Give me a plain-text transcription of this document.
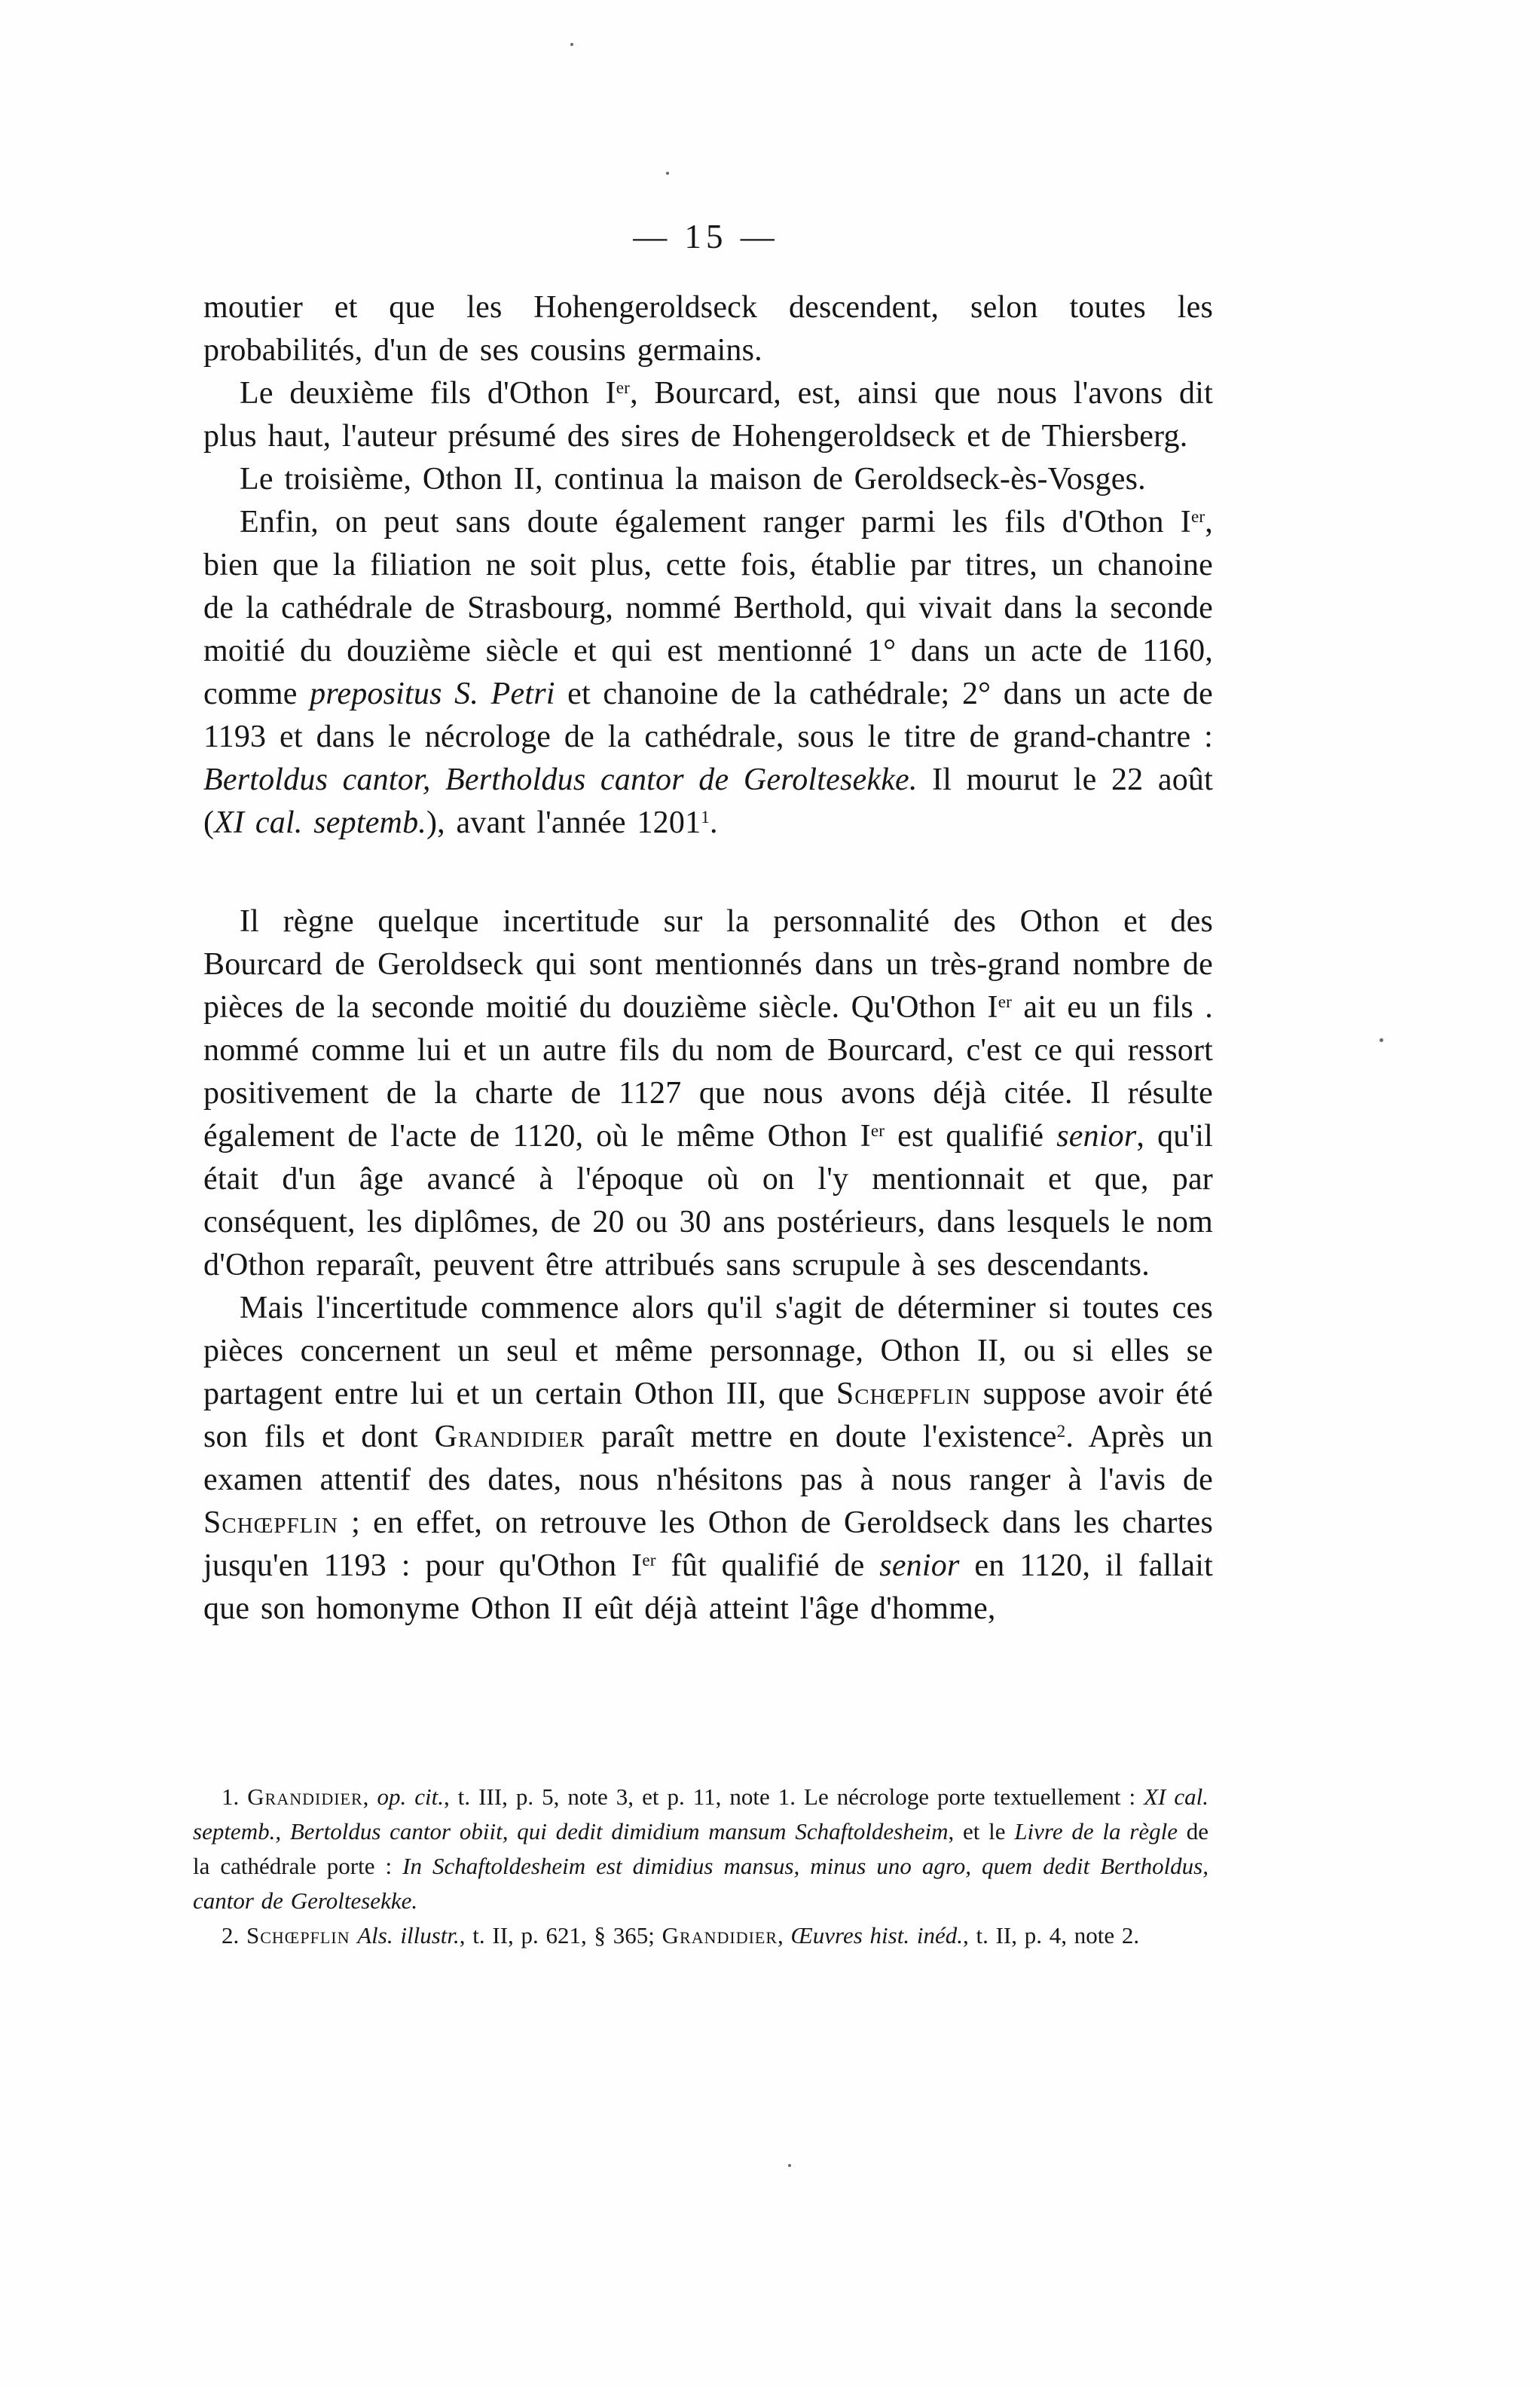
— 15 —

moutier et que les Hohengeroldseck descendent, selon toutes les probabilités, d'un de ses cousins germains.

Le deuxième fils d'Othon Ier, Bourcard, est, ainsi que nous l'avons dit plus haut, l'auteur présumé des sires de Hohengeroldseck et de Thiersberg.

Le troisième, Othon II, continua la maison de Geroldseck-ès-Vosges.

Enfin, on peut sans doute également ranger parmi les fils d'Othon Ier, bien que la filiation ne soit plus, cette fois, établie par titres, un chanoine de la cathédrale de Strasbourg, nommé Berthold, qui vivait dans la seconde moitié du douzième siècle et qui est mentionné 1° dans un acte de 1160, comme prepositus S. Petri et chanoine de la cathédrale; 2° dans un acte de 1193 et dans le nécrologe de la cathédrale, sous le titre de grand-chantre : Bertoldus cantor, Bertholdus cantor de Geroltesekke. Il mourut le 22 août (XI cal. septemb.), avant l'année 1201$^1$.

Il règne quelque incertitude sur la personnalité des Othon et des Bourcard de Geroldseck qui sont mentionnés dans un très-grand nombre de pièces de la seconde moitié du douzième siècle. Qu'Othon Ier ait eu un fils . nommé comme lui et un autre fils du nom de Bourcard, c'est ce qui ressort positivement de la charte de 1127 que nous avons déjà citée. Il résulte également de l'acte de 1120, où le même Othon Ier est qualifié senior, qu'il était d'un âge avancé à l'époque où on l'y mentionnait et que, par conséquent, les diplômes, de 20 ou 30 ans postérieurs, dans lesquels le nom d'Othon reparaît, peuvent être attribués sans scrupule à ses descendants.

Mais l'incertitude commence alors qu'il s'agit de déterminer si toutes ces pièces concernent un seul et même personnage, Othon II, ou si elles se partagent entre lui et un certain Othon III, que Schœpflin suppose avoir été son fils et dont Grandidier paraît mettre en doute l'existence$^2$. Après un examen attentif des dates, nous n'hésitons pas à nous ranger à l'avis de Schœpflin ; en effet, on retrouve les Othon de Geroldseck dans les chartes jusqu'en 1193 : pour qu'Othon Ier fût qualifié de senior en 1120, il fallait que son homonyme Othon II eût déjà atteint l'âge d'homme,

1. Grandidier, op. cit., t. III, p. 5, note 3, et p. 11, note 1. Le nécrologe porte textuellement : XI cal. septemb., Bertoldus cantor obiit, qui dedit dimidium mansum Schaftoldesheim, et le Livre de la règle de la cathédrale porte : In Schaftoldesheim est dimidius mansus, minus uno agro, quem dedit Bertholdus, cantor de Geroltesekke.

2. Schœpflin Als. illustr., t. II, p. 621, § 365; Grandidier, Œuvres hist. inéd., t. II, p. 4, note 2.
